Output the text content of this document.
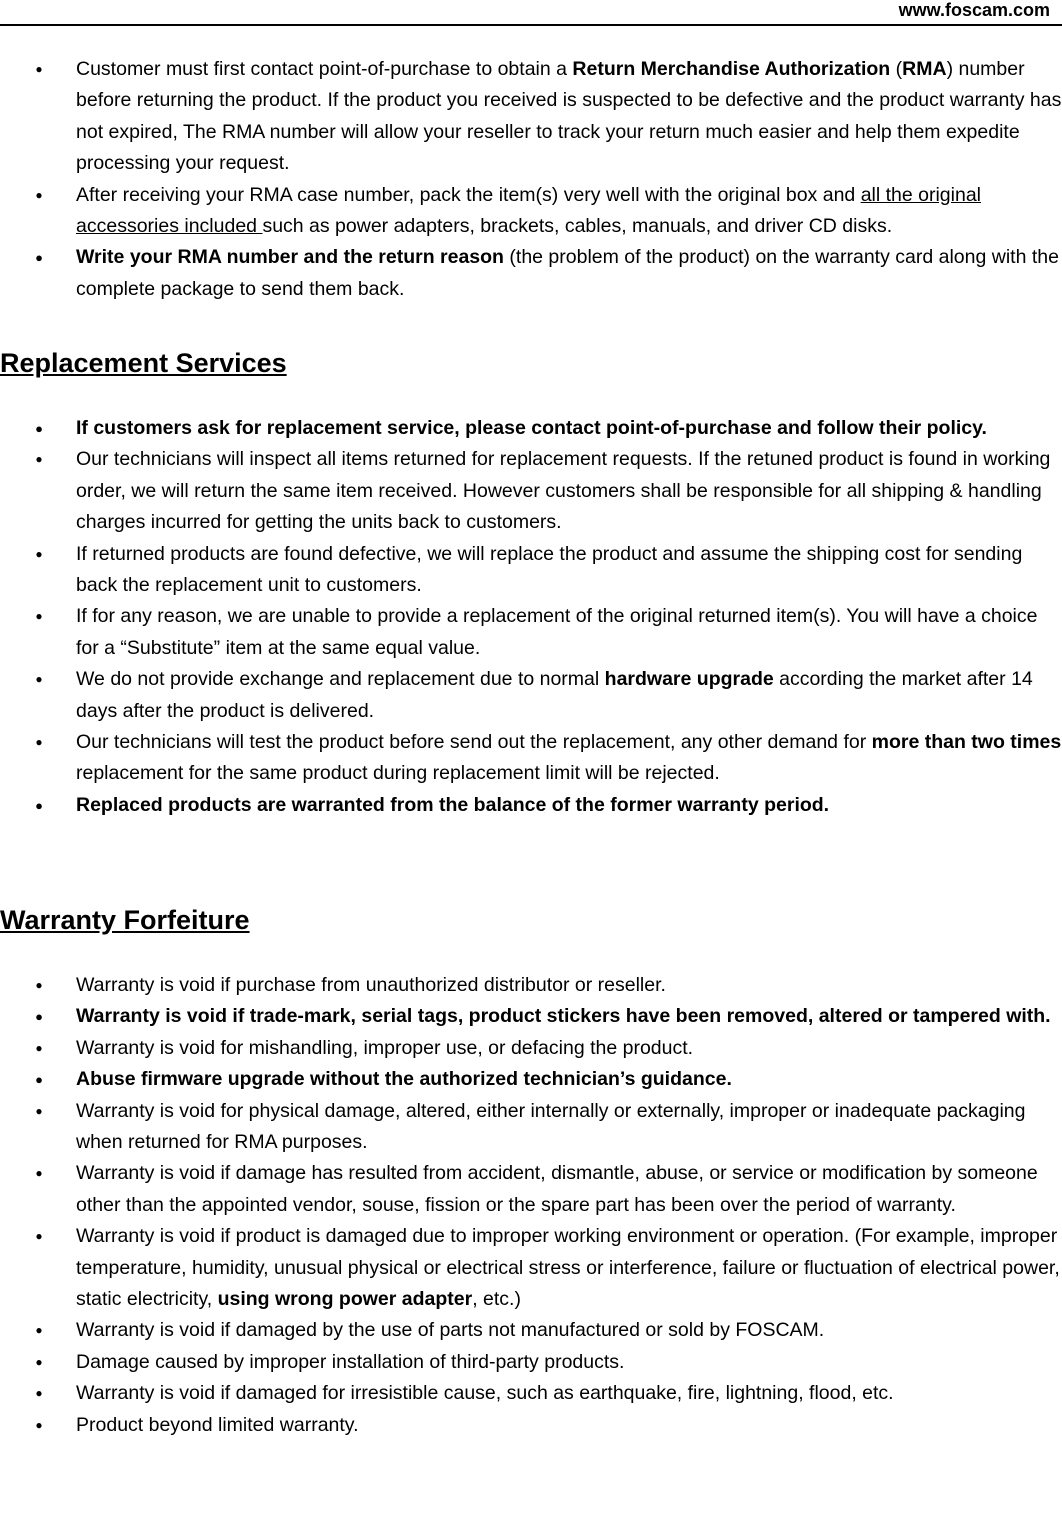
www.foscam.com
●
Customer must first contact point-of-purchase to obtain a Return Merchandise Authorization (RMA) number before returning the product. If the product you received is suspected to be defective and the product warranty has not expired, The RMA number will allow your reseller to track your return much easier and help them expedite processing your request.
●
After receiving your RMA case number, pack the item(s) very well with the original box and all the original accessories included such as power adapters, brackets, cables, manuals, and driver CD disks.
●
Write your RMA number and the return reason (the problem of the product) on the warranty card along with the complete package to send them back.
Replacement Services
●
If customers ask for replacement service, please contact point-of-purchase and follow their policy.
●
Our technicians will inspect all items returned for replacement requests. If the retuned product is found in working order, we will return the same item received. However customers shall be responsible for all shipping & handling charges incurred for getting the units back to customers.
●
If returned products are found defective, we will replace the product and assume the shipping cost for sending back the replacement unit to customers.
●
If for any reason, we are unable to provide a replacement of the original returned item(s). You will have a choice for a “Substitute” item at the same equal value.
●
We do not provide exchange and replacement due to normal hardware upgrade according the market after 14 days after the product is delivered.
●
Our technicians will test the product before send out the replacement, any other demand for more than two times replacement for the same product during replacement limit will be rejected.
●
Replaced products are warranted from the balance of the former warranty period.
Warranty Forfeiture
●
Warranty is void if purchase from unauthorized distributor or reseller.
●
Warranty is void if trade-mark, serial tags, product stickers have been removed, altered or tampered with.
●
Warranty is void for mishandling, improper use, or defacing the product.
●
Abuse firmware upgrade without the authorized technician’s guidance.
●
Warranty is void for physical damage, altered, either internally or externally, improper or inadequate packaging when returned for RMA purposes.
●
Warranty is void if damage has resulted from accident, dismantle, abuse, or service or modification by someone other than the appointed vendor, souse, fission or the spare part has been over the period of warranty.
●
Warranty is void if product is damaged due to improper working environment or operation. (For example, improper temperature, humidity, unusual physical or electrical stress or interference, failure or fluctuation of electrical power, static electricity, using wrong power adapter, etc.)
●
Warranty is void if damaged by the use of parts not manufactured or sold by FOSCAM.
●
Damage caused by improper installation of third-party products.
●
Warranty is void if damaged for irresistible cause, such as earthquake, fire, lightning, flood, etc.
●
Product beyond limited warranty.
